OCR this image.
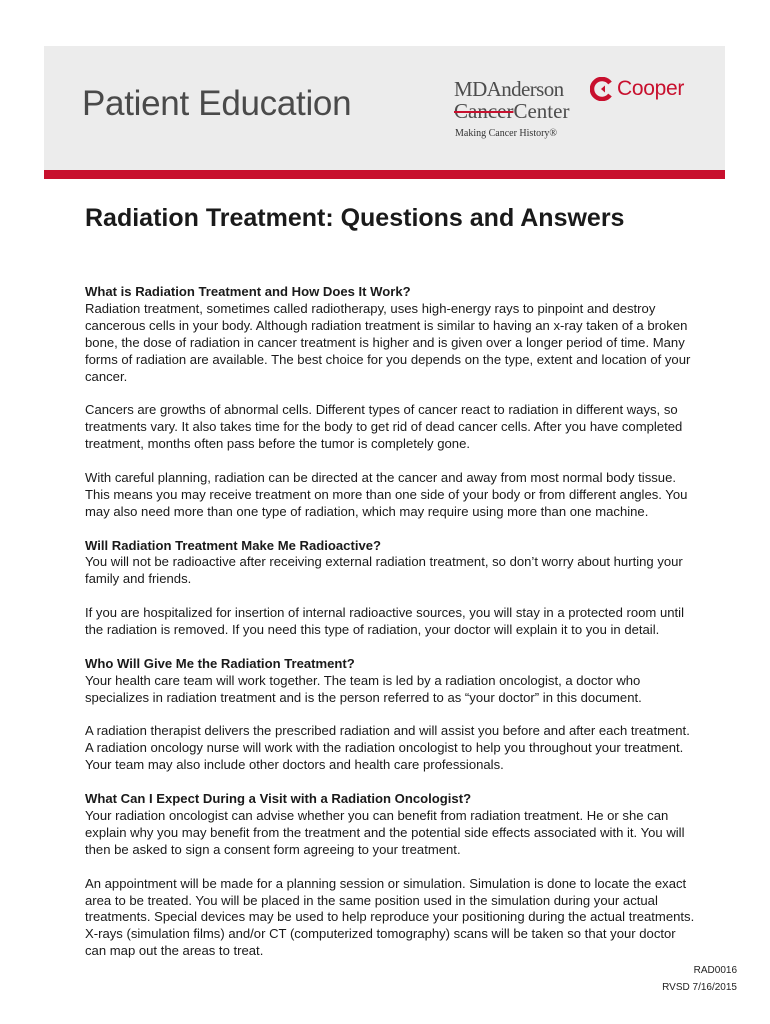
Patient Education	MDAnderson
CancerCenter
Making Cancer History®
Cooper
Radiation Treatment: Questions and Answers
What is Radiation Treatment and How Does It Work?

Radiation treatment, sometimes called radiotherapy, uses high-energy rays to pinpoint and destroy cancerous cells in your body. Although radiation treatment is similar to having an x-ray taken of a broken bone, the dose of radiation in cancer treatment is higher and is given over a longer period of time. Many forms of radiation are available. The best choice for you depends on the type, extent and location of your cancer.

Cancers are growths of abnormal cells. Different types of cancer react to radiation in different ways, so treatments vary. It also takes time for the body to get rid of dead cancer cells. After you have completed treatment, months often pass before the tumor is completely gone.

With careful planning, radiation can be directed at the cancer and away from most normal body tissue. This means you may receive treatment on more than one side of your body or from different angles. You may also need more than one type of radiation, which may require using more than one machine.

Will Radiation Treatment Make Me Radioactive?

You will not be radioactive after receiving external radiation treatment, so don’t worry about hurting your family and friends.

If you are hospitalized for insertion of internal radioactive sources, you will stay in a protected room until the radiation is removed. If you need this type of radiation, your doctor will explain it to you in detail.

Who Will Give Me the Radiation Treatment?

Your health care team will work together. The team is led by a radiation oncologist, a doctor who specializes in radiation treatment and is the person referred to as “your doctor” in this document.

A radiation therapist delivers the prescribed radiation and will assist you before and after each treatment. A radiation oncology nurse will work with the radiation oncologist to help you throughout your treatment. Your team may also include other doctors and health care professionals.

What Can I Expect During a Visit with a Radiation Oncologist?

Your radiation oncologist can advise whether you can benefit from radiation treatment. He or she can explain why you may benefit from the treatment and the potential side effects associated with it. You will then be asked to sign a consent form agreeing to your treatment.

An appointment will be made for a planning session or simulation. Simulation is done to locate the exact area to be treated. You will be placed in the same position used in the simulation during your actual treatments. Special devices may be used to help reproduce your positioning during the actual treatments. X-rays (simulation films) and/or CT (computerized tomography) scans will be taken so that your doctor can map out the areas to treat.

RAD0016
RVSD 7/16/2015
